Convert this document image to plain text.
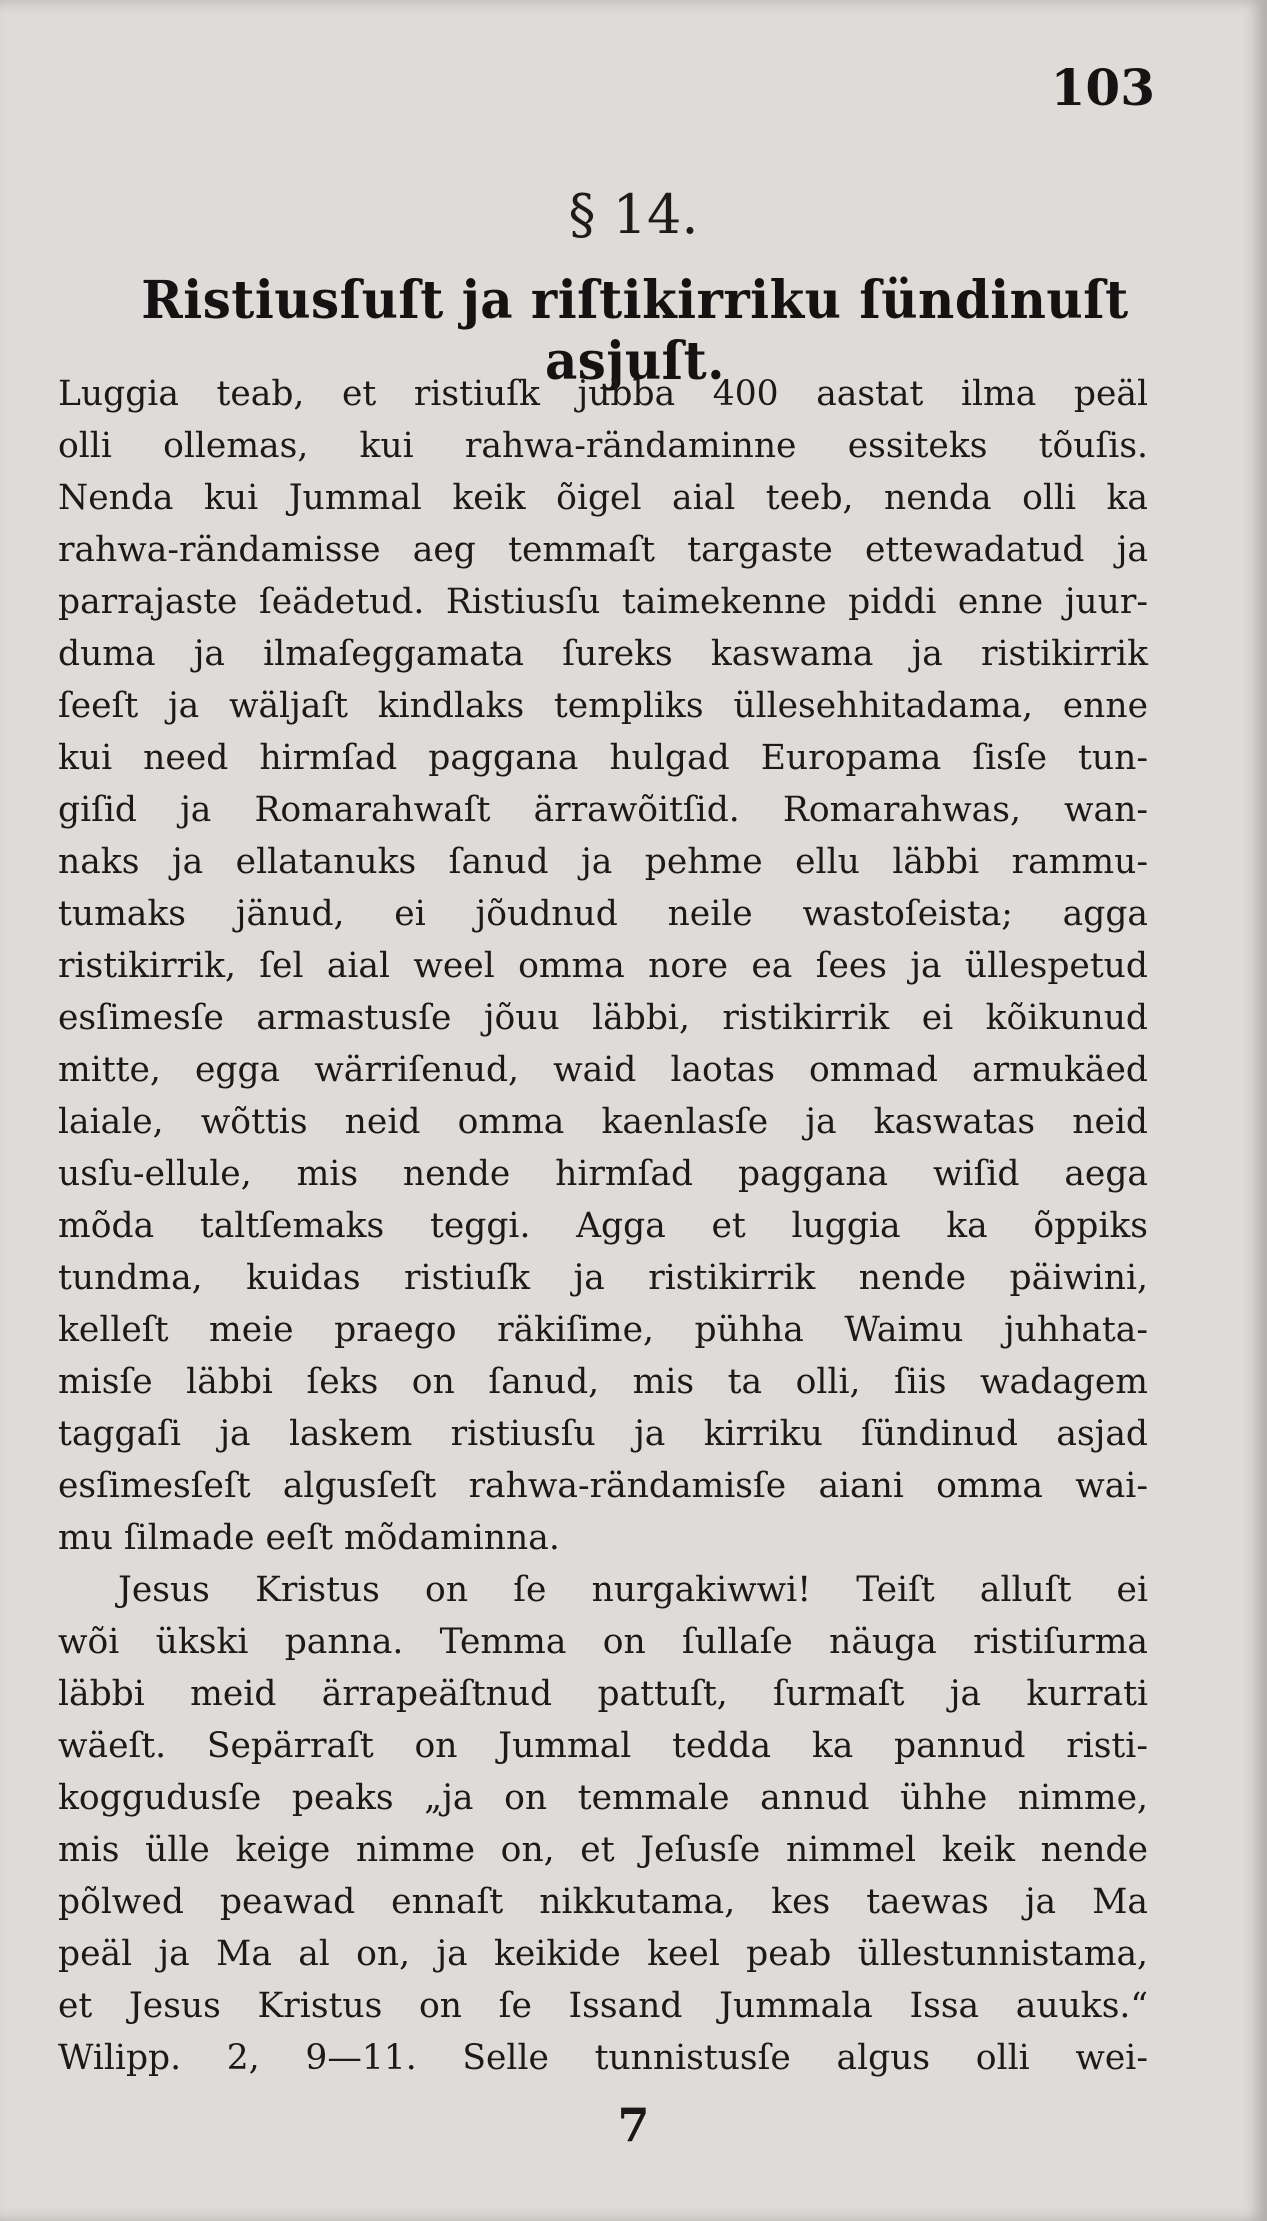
103
§ 14.
Ristiusſuſt ja riſtikirriku ſündinuſt asjuſt.
Luggia teab, et ristiuſk jubba 400 aastat ilma peäl
olli ollemas, kui rahwa-rändaminne essiteks tõuſis.
Nenda kui Jummal keik õigel aial teeb, nenda olli ka
rahwa-rändamisse aeg temmaſt targaste ettewadatud ja
parrajaste ſeädetud. Ristiusſu taimekenne piddi enne juur-
duma ja ilmaſeggamata ſureks kaswama ja ristikirrik
ſeeſt ja wäljaſt kindlaks templiks üllesehhitadama, enne
kui need hirmſad paggana hulgad Europama ſisſe tun-
giſid ja Romarahwaſt ärrawõitſid. Romarahwas, wan-
naks ja ellatanuks ſanud ja pehme ellu läbbi rammu-
tumaks jänud, ei jõudnud neile wastoſeista; agga
ristikirrik, ſel aial weel omma nore ea ſees ja üllespetud
esſimesſe armastusſe jõuu läbbi, ristikirrik ei kõikunud
mitte, egga wärriſenud, waid laotas ommad armukäed
laiale, wõttis neid omma kaenlasſe ja kaswatas neid
usſu-ellule, mis nende hirmſad paggana wiſid aega
mõda taltſemaks teggi. Agga et luggia ka õppiks
tundma, kuidas ristiuſk ja ristikirrik nende päiwini,
kelleſt meie praego räkiſime, pühha Waimu juhhata-
misſe läbbi ſeks on ſanud, mis ta olli, ſiis wadagem
taggaſi ja laskem ristiusſu ja kirriku ſündinud asjad
esſimesſeſt algusſeſt rahwa-rändamisſe aiani omma wai-
mu ſilmade eeſt mõdaminna.
Jesus Kristus on ſe nurgakiwwi! Teiſt alluſt ei
wõi ükski panna. Temma on ſullaſe näuga ristiſurma
läbbi meid ärrapeäſtnud pattuſt, ſurmaſt ja kurrati
wäeſt. Sepärraſt on Jummal tedda ka pannud risti-
koggudusſe peaks „ja on temmale annud ühhe nimme,
mis ülle keige nimme on, et Jeſusſe nimmel keik nende
põlwed peawad ennaſt nikkutama, kes taewas ja Ma
peäl ja Ma al on, ja keikide keel peab üllestunnistama,
et Jesus Kristus on ſe Issand Jummala Issa auuks.“
Wilipp. 2, 9—11. Selle tunnistusſe algus olli wei-
7
